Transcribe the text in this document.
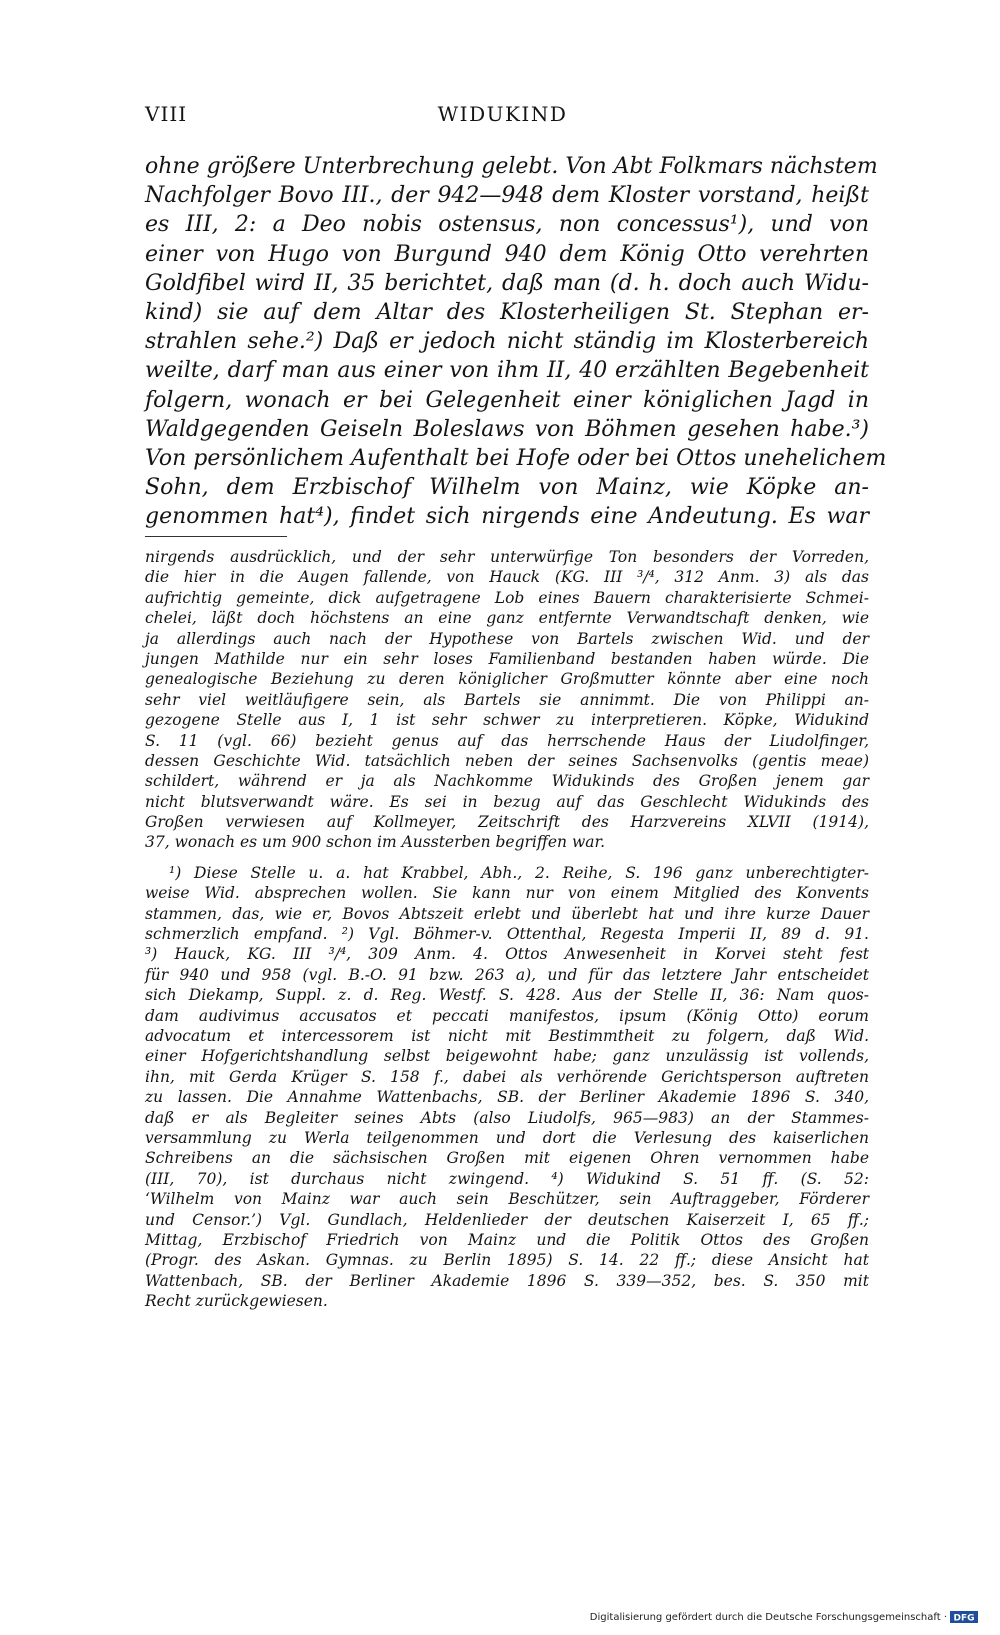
VIII	WIDUKIND
ohne größere Unterbrechung gelebt. Von Abt Folkmars nächstem
Nachfolger Bovo III., der 942—948 dem Kloster vorstand, heißt
es III, 2: a Deo nobis ostensus, non concessus¹), und von
einer von Hugo von Burgund 940 dem König Otto verehrten
Goldfibel wird II, 35 berichtet, daß man (d. h. doch auch Widu-
kind) sie auf dem Altar des Klosterheiligen St. Stephan er-
strahlen sehe.²) Daß er jedoch nicht ständig im Klosterbereich
weilte, darf man aus einer von ihm II, 40 erzählten Begebenheit
folgern, wonach er bei Gelegenheit einer königlichen Jagd in
Waldgegenden Geiseln Boleslaws von Böhmen gesehen habe.³)
Von persönlichem Aufenthalt bei Hofe oder bei Ottos unehelichem
Sohn, dem Erzbischof Wilhelm von Mainz, wie Köpke an-
genommen hat⁴), findet sich nirgends eine Andeutung. Es war
nirgends ausdrücklich, und der sehr unterwürfige Ton besonders der Vorreden,
die hier in die Augen fallende, von Hauck (KG. III ³/⁴, 312 Anm. 3) als das
aufrichtig gemeinte, dick aufgetragene Lob eines Bauern charakterisierte Schmei-
chelei, läßt doch höchstens an eine ganz entfernte Verwandtschaft denken, wie
ja allerdings auch nach der Hypothese von Bartels zwischen Wid. und der
jungen Mathilde nur ein sehr loses Familienband bestanden haben würde. Die
genealogische Beziehung zu deren königlicher Großmutter könnte aber eine noch
sehr viel weitläufigere sein, als Bartels sie annimmt. Die von Philippi an-
gezogene Stelle aus I, 1 ist sehr schwer zu interpretieren. Köpke, Widukind
S. 11 (vgl. 66) bezieht genus auf das herrschende Haus der Liudolfinger,
dessen Geschichte Wid. tatsächlich neben der seines Sachsenvolks (gentis meae)
schildert, während er ja als Nachkomme Widukinds des Großen jenem gar
nicht blutsverwandt wäre. Es sei in bezug auf das Geschlecht Widukinds des
Großen verwiesen auf Kollmeyer, Zeitschrift des Harzvereins XLVII (1914),
37, wonach es um 900 schon im Aussterben begriffen war.
¹) Diese Stelle u. a. hat Krabbel, Abh., 2. Reihe, S. 196 ganz unberechtigter-
weise Wid. absprechen wollen. Sie kann nur von einem Mitglied des Konvents
stammen, das, wie er, Bovos Abtszeit erlebt und überlebt hat und ihre kurze Dauer
schmerzlich empfand. ²) Vgl. Böhmer-v. Ottenthal, Regesta Imperii II, 89 d. 91.
³) Hauck, KG. III ³/⁴, 309 Anm. 4. Ottos Anwesenheit in Korvei steht fest
für 940 und 958 (vgl. B.-O. 91 bzw. 263 a), und für das letztere Jahr entscheidet
sich Diekamp, Suppl. z. d. Reg. Westf. S. 428. Aus der Stelle II, 36: Nam quos-
dam audivimus accusatos et peccati manifestos, ipsum (König Otto) eorum
advocatum et intercessorem ist nicht mit Bestimmtheit zu folgern, daß Wid.
einer Hofgerichtshandlung selbst beigewohnt habe; ganz unzulässig ist vollends,
ihn, mit Gerda Krüger S. 158 f., dabei als verhörende Gerichtsperson auftreten
zu lassen. Die Annahme Wattenbachs, SB. der Berliner Akademie 1896 S. 340,
daß er als Begleiter seines Abts (also Liudolfs, 965—983) an der Stammes-
versammlung zu Werla teilgenommen und dort die Verlesung des kaiserlichen
Schreibens an die sächsischen Großen mit eigenen Ohren vernommen habe
(III, 70), ist durchaus nicht zwingend. ⁴) Widukind S. 51 ff. (S. 52:
‘Wilhelm von Mainz war auch sein Beschützer, sein Auftraggeber, Förderer
und Censor.’) Vgl. Gundlach, Heldenlieder der deutschen Kaiserzeit I, 65 ff.;
Mittag, Erzbischof Friedrich von Mainz und die Politik Ottos des Großen
(Progr. des Askan. Gymnas. zu Berlin 1895) S. 14. 22 ff.; diese Ansicht hat
Wattenbach, SB. der Berliner Akademie 1896 S. 339—352, bes. S. 350 mit
Recht zurückgewiesen.
Digitalisierung gefördert durch die Deutsche Forschungsgemeinschaft · DFG
